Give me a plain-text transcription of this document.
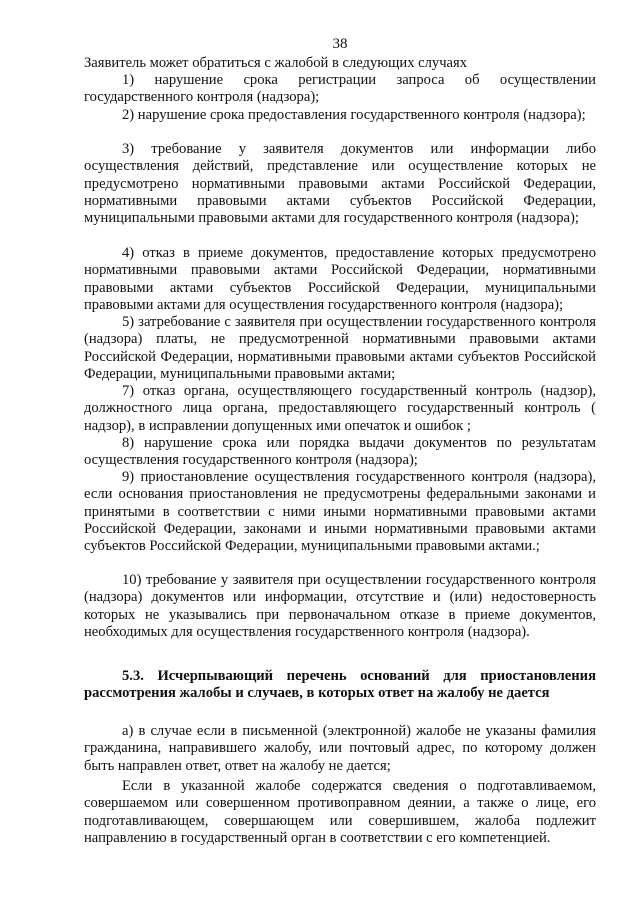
38
Заявитель может обратиться с жалобой в следующих случаях
1) нарушение срока регистрации запроса об осуществлении государственного контроля (надзора);
2) нарушение срока предоставления государственного контроля (надзора);
3) требование у заявителя документов или информации либо осуществления действий, представление или осуществление которых не предусмотрено нормативными правовыми актами Российской Федерации, нормативными правовыми актами субъектов Российской Федерации, муниципальными правовыми актами для государственного контроля (надзора);
4) отказ в приеме документов, предоставление которых предусмотрено нормативными правовыми актами Российской Федерации, нормативными правовыми актами субъектов Российской Федерации, муниципальными правовыми актами для осуществления государственного контроля (надзора);
5) затребование с заявителя при осуществлении государственного контроля (надзора) платы, не предусмотренной нормативными правовыми актами Российской Федерации, нормативными правовыми актами субъектов Российской Федерации, муниципальными правовыми актами;
7) отказ органа, осуществляющего государственный контроль (надзор), должностного лица органа, предоставляющего государственный контроль ( надзор), в исправлении допущенных ими опечаток и ошибок ;
8) нарушение срока или порядка выдачи документов по результатам осуществления государственного контроля (надзора);
9) приостановление осуществления государственного контроля (надзора), если основания приостановления не предусмотрены федеральными законами и принятыми в соответствии с ними иными нормативными правовыми актами Российской Федерации, законами и иными нормативными правовыми актами субъектов Российской Федерации, муниципальными правовыми актами.;
10) требование у заявителя при осуществлении государственного контроля (надзора) документов или информации, отсутствие и (или) недостоверность которых не указывались при первоначальном отказе в приеме документов, необходимых для осуществления государственного контроля (надзора).
5.3. Исчерпывающий перечень оснований для приостановления рассмотрения жалобы и случаев, в которых ответ на жалобу не дается
а) в случае если в письменной (электронной) жалобе не указаны фамилия гражданина, направившего жалобу, или почтовый адрес, по которому должен быть направлен ответ, ответ на жалобу не дается;
Если в указанной жалобе содержатся сведения о подготавливаемом, совершаемом или совершенном противоправном деянии, а также о лице, его подготавливающем, совершающем или совершившем, жалоба подлежит направлению в государственный орган в соответствии с его компетенцией.
